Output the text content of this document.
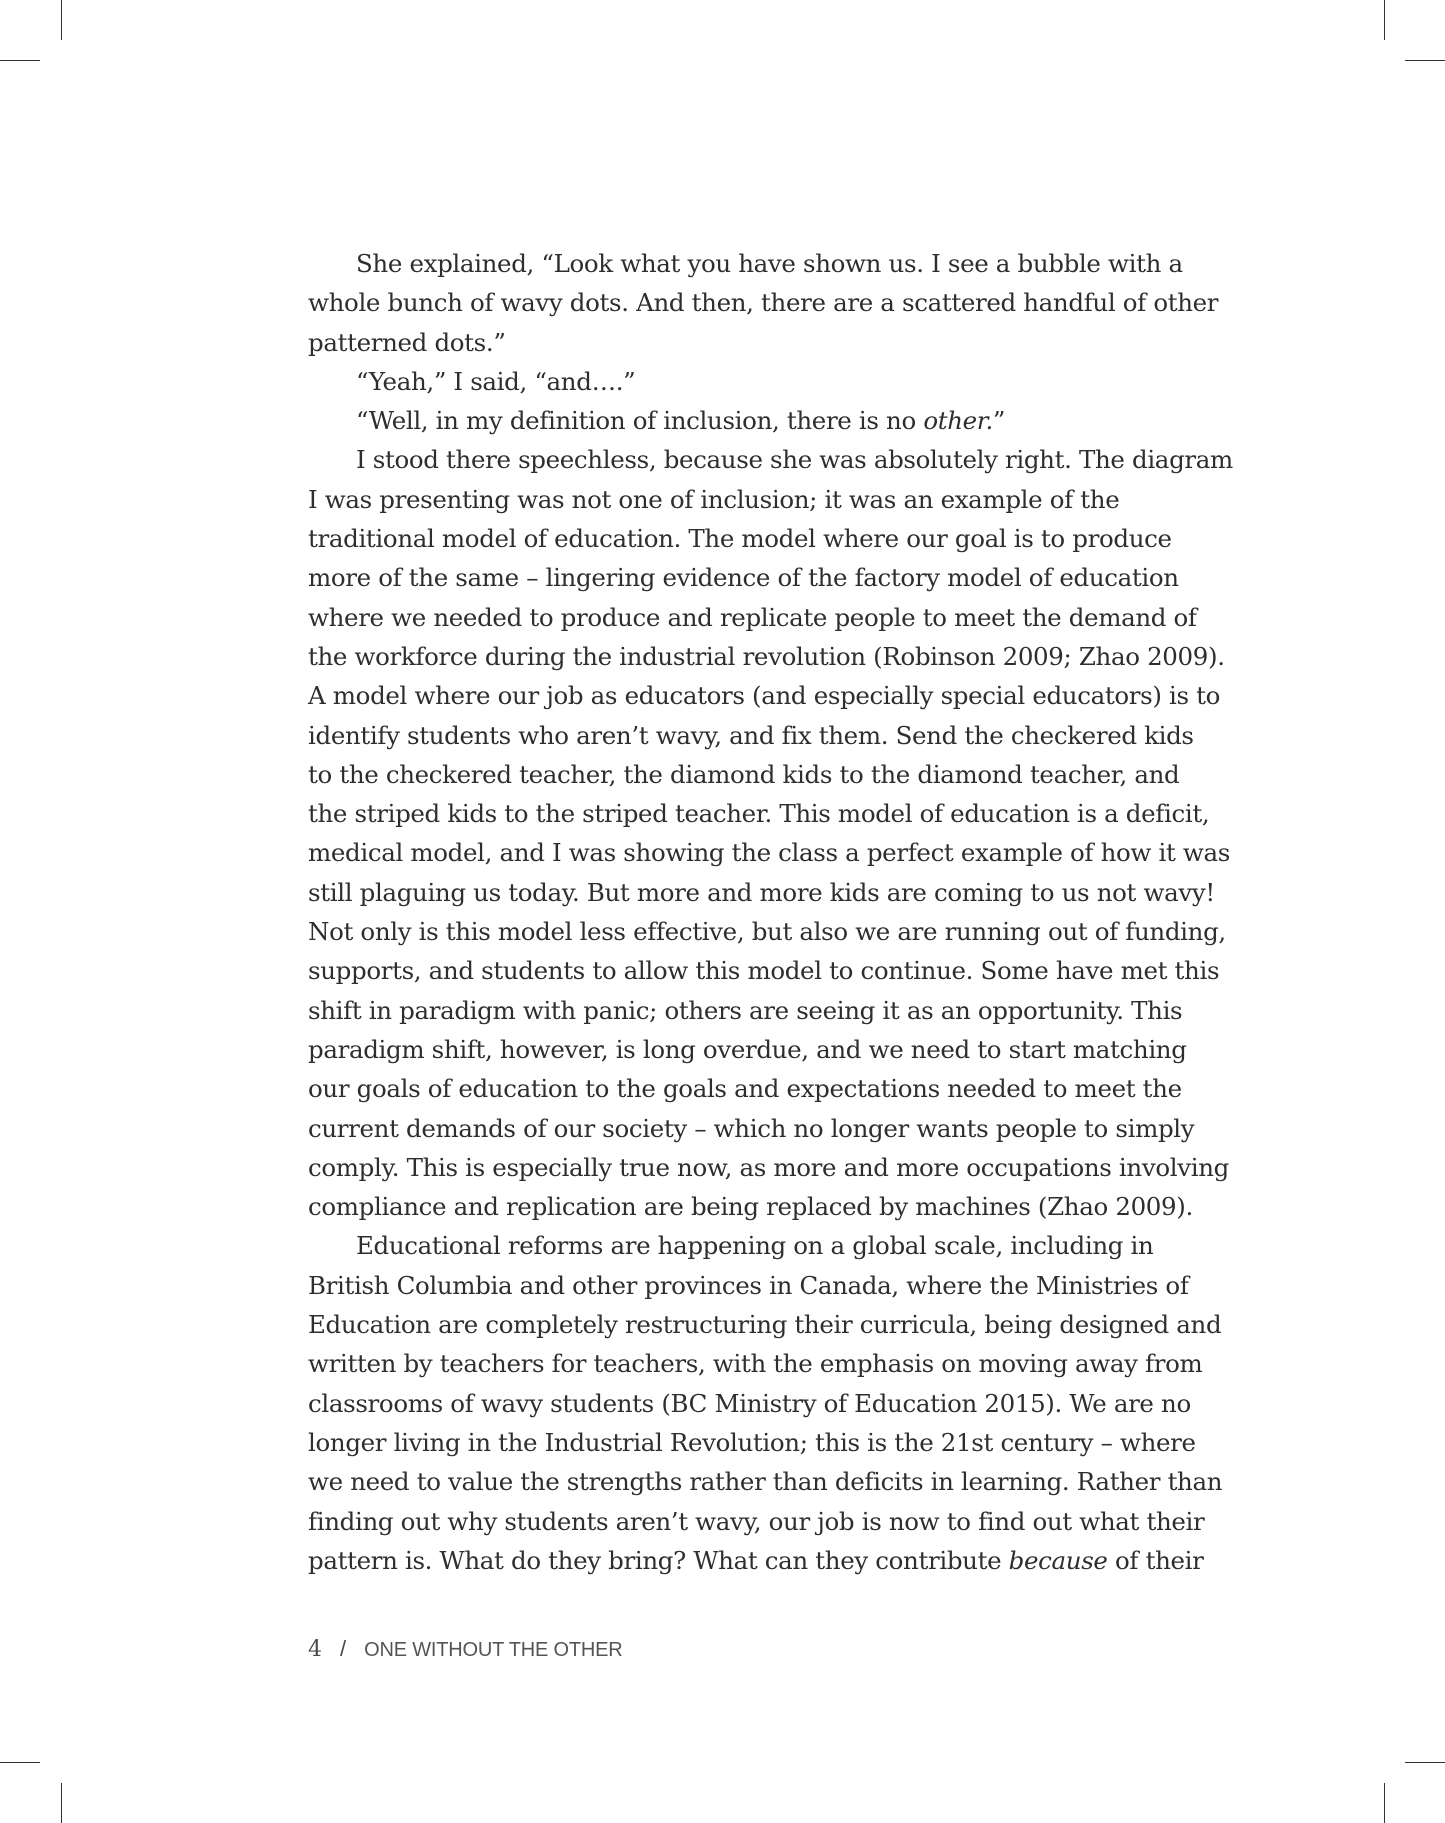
She explained, “Look what you have shown us. I see a bubble with a
whole bunch of wavy dots. And then, there are a scattered handful of other
patterned dots.”
“Yeah,” I said, “and….”
“Well, in my definition of inclusion, there is no other.”
I stood there speechless, because she was absolutely right. The diagram
I was presenting was not one of inclusion; it was an example of the
traditional model of education. The model where our goal is to produce
more of the same – lingering evidence of the factory model of education
where we needed to produce and replicate people to meet the demand of
the workforce during the industrial revolution (Robinson 2009; Zhao 2009).
A model where our job as educators (and especially special educators) is to
identify students who aren’t wavy, and fix them. Send the checkered kids
to the checkered teacher, the diamond kids to the diamond teacher, and
the striped kids to the striped teacher. This model of education is a deficit,
medical model, and I was showing the class a perfect example of how it was
still plaguing us today. But more and more kids are coming to us not wavy!
Not only is this model less effective, but also we are running out of funding,
supports, and students to allow this model to continue. Some have met this
shift in paradigm with panic; others are seeing it as an opportunity. This
paradigm shift, however, is long overdue, and we need to start matching
our goals of education to the goals and expectations needed to meet the
current demands of our society – which no longer wants people to simply
comply. This is especially true now, as more and more occupations involving
compliance and replication are being replaced by machines (Zhao 2009).
Educational reforms are happening on a global scale, including in
British Columbia and other provinces in Canada, where the Ministries of
Education are completely restructuring their curricula, being designed and
written by teachers for teachers, with the emphasis on moving away from
classrooms of wavy students (BC Ministry of Education 2015). We are no
longer living in the Industrial Revolution; this is the 21st century – where
we need to value the strengths rather than deficits in learning. Rather than
finding out why students aren’t wavy, our job is now to find out what their
pattern is. What do they bring? What can they contribute because of their
4 / ONE WITHOUT THE OTHER
